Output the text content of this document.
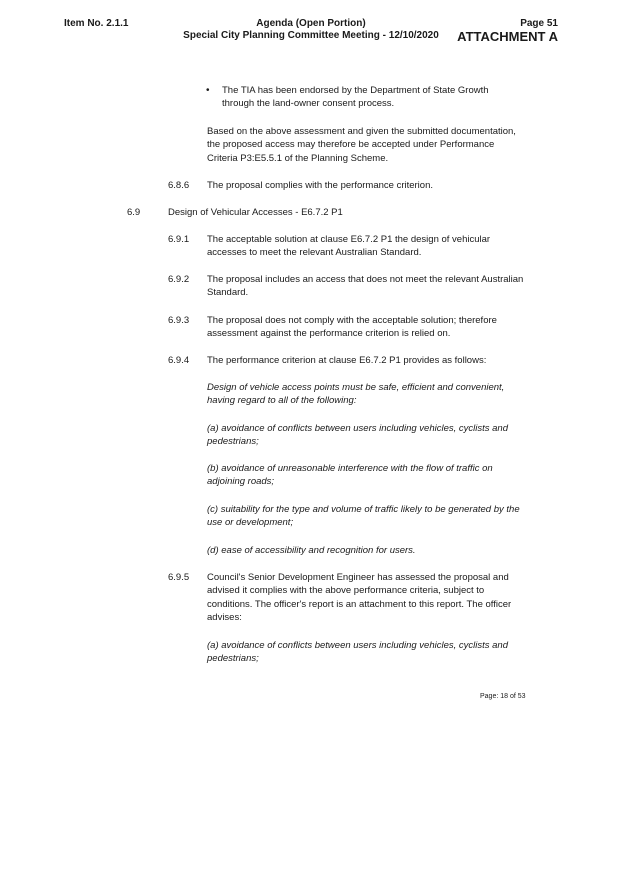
Item No. 2.1.1	Agenda (Open Portion)
Special City Planning Committee Meeting - 12/10/2020
Page 51
ATTACHMENT A
• The TIA has been endorsed by the Department of State Growth through the land-owner consent process.

Based on the above assessment and given the submitted documentation, the proposed access may therefore be accepted under Performance Criteria P3:E5.5.1 of the Planning Scheme.

6.8.6 The proposal complies with the performance criterion.

6.9	Design of Vehicular Accesses - E6.7.2 P1

6.9.1 The acceptable solution at clause E6.7.2 P1 the design of vehicular accesses to meet the relevant Australian Standard.

6.9.2 The proposal includes an access that does not meet the relevant Australian Standard.

6.9.3 The proposal does not comply with the acceptable solution; therefore assessment against the performance criterion is relied on.

6.9.4 The performance criterion at clause E6.7.2 P1 provides as follows:

Design of vehicle access points must be safe, efficient and convenient, having regard to all of the following:

(a) avoidance of conflicts between users including vehicles, cyclists and pedestrians;

(b) avoidance of unreasonable interference with the flow of traffic on adjoining roads;

(c) suitability for the type and volume of traffic likely to be generated by the use or development;

(d) ease of accessibility and recognition for users.

6.9.5 Council's Senior Development Engineer has assessed the proposal and advised it complies with the above performance criteria, subject to conditions. The officer's report is an attachment to this report. The officer advises:

(a) avoidance of conflicts between users including vehicles, cyclists and pedestrians;

Page: 18 of 53
